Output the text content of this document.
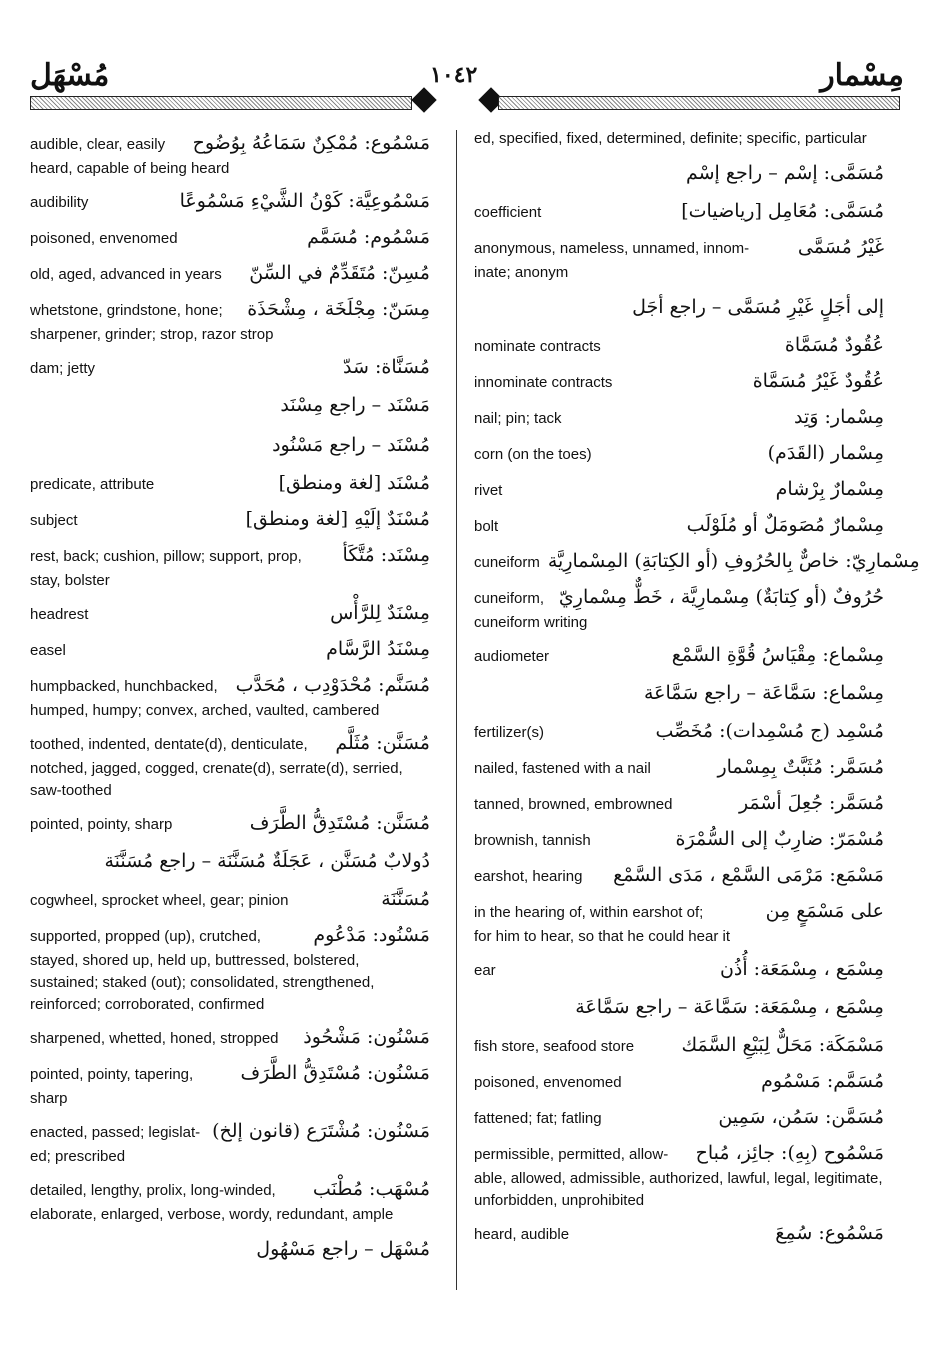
مُسْهَل	١٠٤٢	مِسْمار
audible, clear, easily مَسْمُوع: مُمْكِنٌ سَمَاعُهُ بِوُضُوح
heard, capable of being heard
audibility	مَسْمُوعِيَّة: كَوْنُ الشَّيْءِ مَسْمُوعًا
poisoned, envenomed	مَسْمُوم: مُسَمَّم
old, aged, advanced in years مُسِنّ: مُتَقَدِّمٌ في السِّنّ
whetstone, grindstone, hone; مِسَنّ: مِجْلَخَة ، مِشْحَذَة
sharpener, grinder; strop, razor strop
dam; jetty	مُسَنَّاة: سَدّ
مَسْنَد – راجع مِسْنَد
مُسْنَد – راجع مَسْنُود
predicate, attribute	مُسْنَد [لغة ومنطق]
subject	مُسْنَدٌ إلَيْهِ [لغة ومنطق]
rest, back; cushion, pillow; support, prop, مِسْنَد: مُتَّكَأ
stay, bolster
headrest	مِسْنَدٌ لِلرَّأْس
easel	مِسْنَدُ الرَّسَّام
humpbacked, hunchbacked, مُسَنَّم: مُحْدَوْدِب ، مُحَدَّب
humped, humpy; convex, arched, vaulted, cambered
toothed, indented, dentate(d), denticulate, مُسَنَّن: مُثَلَّم
notched, jagged, cogged, crenate(d), serrate(d), serried, saw-toothed
pointed, pointy, sharp	مُسَنَّن: مُسْتَدِقُّ الطَّرَف
دُولابٌ مُسَنَّن ، عَجَلَةٌ مُسَنَّنَة – راجع مُسَنَّنَة
cogwheel, sprocket wheel, gear; pinion	مُسَنَّنَة
supported, propped (up), crutched,	مَسْنُود: مَدْعُوم
stayed, shored up, held up, buttressed, bolstered, sustained; staked (out); consolidated, strengthened, reinforced; corroborated, confirmed
sharpened, whetted, honed, stropped مَسْنُون: مَشْحُوذ
pointed, pointy, tapering, مَسْنُون: مُسْتَدِقُّ الطَّرَف
sharp
enacted, passed; legislat- مَسْنُون: مُشْتَرَع (قانون إلخ)
ed; prescribed
detailed, lengthy, prolix, long-winded, مُسْهَب: مُطْنَب
elaborate, enlarged, verbose, wordy, redundant, ample
مُسْهَل – راجع مَسْهُول
ed, specified, fixed, determined, definite; specific, particular
مُسَمَّى: إسْم – راجع إسْم
coefficient	مُسَمَّى: مُعَامِل [رياضيات]
anonymous, nameless, unnamed, innom-	غَيْرُ مُسَمَّى
inate; anonym
إلى أجَلٍ غَيْرِ مُسَمَّى – راجع أجَل
nominate contracts	عُقُودٌ مُسَمَّاة
innominate contracts	عُقُودٌ غَيْرُ مُسَمَّاة
nail; pin; tack	مِسْمار: وَتِد
corn (on the toes)	مِسْمار (القَدَم)
rivet	مِسْمارٌ بِرْشام
bolt	مِسْمارٌ مُصَومَلٌ أو مُلَوْلَب
cuneiform مِسْمارِيّ: خاصٌّ بِالحُرُوفِ (أو الكِتابَةِ) المِسْمارِيَّة
cuneiform, حُرُوفٌ (أو كِتابَةٌ) مِسْمارِيَّة ، خَطٌّ مِسْمارِيّ
cuneiform writing
audiometer	مِسْماع: مِقْيَاسُ قُوَّةِ السَّمْع
مِسْماع: سَمَّاعَة – راجع سَمَّاعَة
fertilizer(s)	مُسْمِد (ج مُسْمِدات): مُخَصِّب
nailed, fastened with a nail	مُسَمَّر: مُثَبَّتٌ بِمِسْمار
tanned, browned, embrowned	مُسَمَّر: جُعِلَ أسْمَر
brownish, tannish	مُسْمَرّ: ضارِبٌ إلى السُّمْرَة
earshot, hearing مَسْمَع: مَرْمَى السَّمْع ، مَدَى السَّمْع
in the hearing of, within earshot of;	على مَسْمَعٍ مِن
for him to hear, so that he could hear it
ear	مِسْمَع ، مِسْمَعَة: أُذُن
مِسْمَع ، مِسْمَعَة: سَمَّاعَة – راجع سَمَّاعَة
fish store, seafood store مَسْمَكَة: مَحَلٌّ لِبَيْعِ السَّمَك
poisoned, envenomed	مُسَمَّم: مَسْمُوم
fattened; fat; fatling	مُسَمَّن: سَمُن، سَمِين
permissible, permitted, allow- مَسْمُوح (بِهِ): جائِز، مُباح
able, allowed, admissible, authorized, lawful, legal, legitimate, unforbidden, unprohibited
heard, audible	مَسْمُوع: سُمِعَ
